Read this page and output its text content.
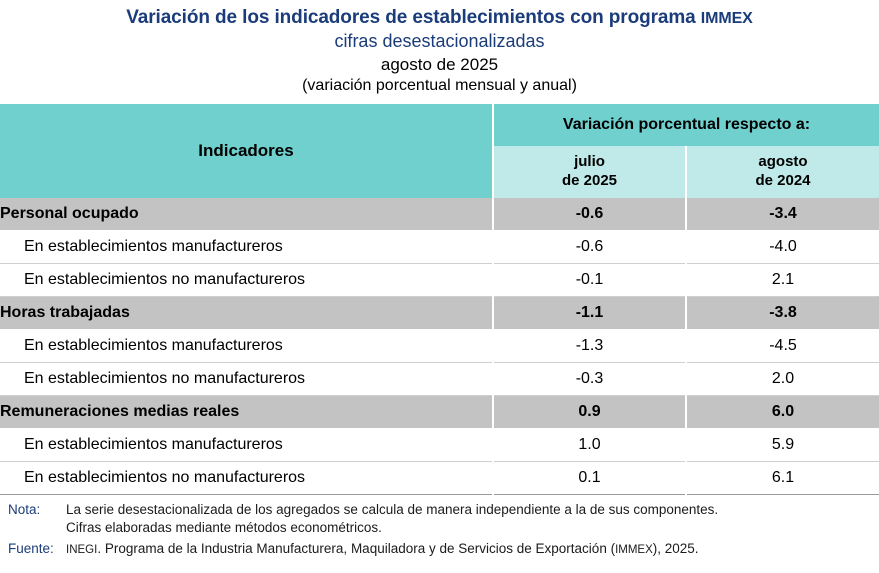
Variación de los indicadores de establecimientos con programa IMMEX
cifras desestacionalizadas
agosto de 2025
(variación porcentual mensual y anual)
Indicadores	Variación porcentual respecto a:	

julio
de 2025

agosto
de 2024

Personal ocupado	-0.6	-3.4
En establecimientos manufactureros	-0.6	-4.0
En establecimientos no manufactureros	-0.1	2.1
Horas trabajadas	-1.1	-3.8
En establecimientos manufactureros	-1.3	-4.5
En establecimientos no manufactureros	-0.3	2.0
Remuneraciones medias reales	0.9	6.0
En establecimientos manufactureros	1.0	5.9
En establecimientos no manufactureros	0.1	6.1
Nota:	La serie desestacionalizada de los agregados se calcula de manera independiente a la de sus componentes.
Cifras elaboradas mediante métodos econométricos.
Fuente:	INEGI. Programa de la Industria Manufacturera, Maquiladora y de Servicios de Exportación (IMMEX), 2025.
